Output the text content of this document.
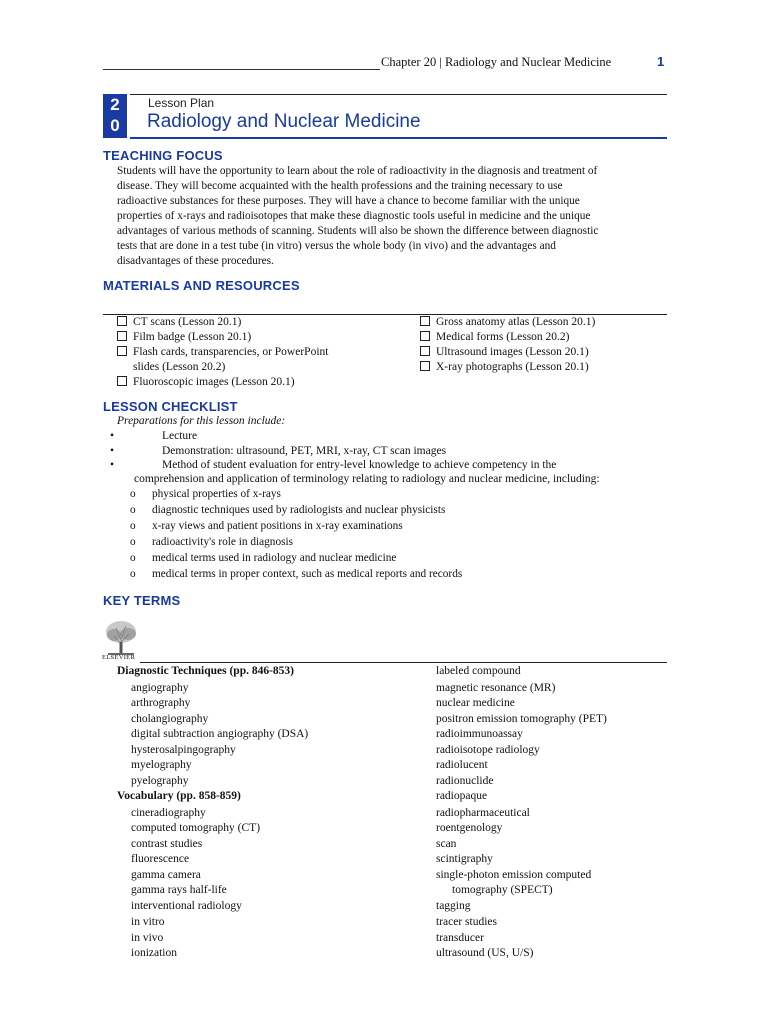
Chapter 20 | Radiology and Nuclear Medicine	1
2
0
Lesson Plan
Radiology and Nuclear Medicine
TEACHING FOCUS
Students will have the opportunity to learn about the role of radioactivity in the diagnosis and treatment of
disease. They will become acquainted with the health professions and the training necessary to use
radioactive substances for these purposes. They will have a chance to become familiar with the unique
properties of x-rays and radioisotopes that make these diagnostic tools useful in medicine and the unique
advantages of various methods of scanning. Students will also be shown the difference between diagnostic
tests that are done in a test tube (in vitro) versus the whole body (in vivo) and the advantages and
disadvantages of these procedures.
MATERIALS AND RESOURCES
CT scans (Lesson 20.1)
Film badge (Lesson 20.1)
Flash cards, transparencies, or PowerPoint
slides (Lesson 20.2)
Fluoroscopic images (Lesson 20.1)
Gross anatomy atlas (Lesson 20.1)
Medical forms (Lesson 20.2)
Ultrasound images (Lesson 20.1)
X-ray photographs (Lesson 20.1)
LESSON CHECKLIST
Preparations for this lesson include:
•	Lecture
•	Demonstration: ultrasound, PET, MRI, x-ray, CT scan images
•	Method of student evaluation for entry-level knowledge to achieve competency in the
comprehension and application of terminology relating to radiology and nuclear medicine, including:
o physical properties of x-rays
o diagnostic techniques used by radiologists and nuclear physicists
o x-ray views and patient positions in x-ray examinations
o radioactivity's role in diagnosis
o medical terms used in radiology and nuclear medicine
o medical terms in proper context, such as medical reports and records
KEY TERMS
ELSEVIER
Diagnostic Techniques (pp. 846-853)
angiography
arthrography
cholangiography
digital subtraction angiography (DSA)
hysterosalpingography
myelography
pyelography
Vocabulary (pp. 858-859)
cineradiography
computed tomography (CT)
contrast studies
fluorescence
gamma camera
gamma rays half-life
interventional radiology
in vitro
in vivo
ionization
labeled compound
magnetic resonance (MR)
nuclear medicine
positron emission tomography (PET)
radioimmunoassay
radioisotope radiology
radiolucent
radionuclide
radiopaque
radiopharmaceutical
roentgenology
scan
scintigraphy
single-photon emission computed
tomography (SPECT)
tagging
tracer studies
transducer
ultrasound (US, U/S)
